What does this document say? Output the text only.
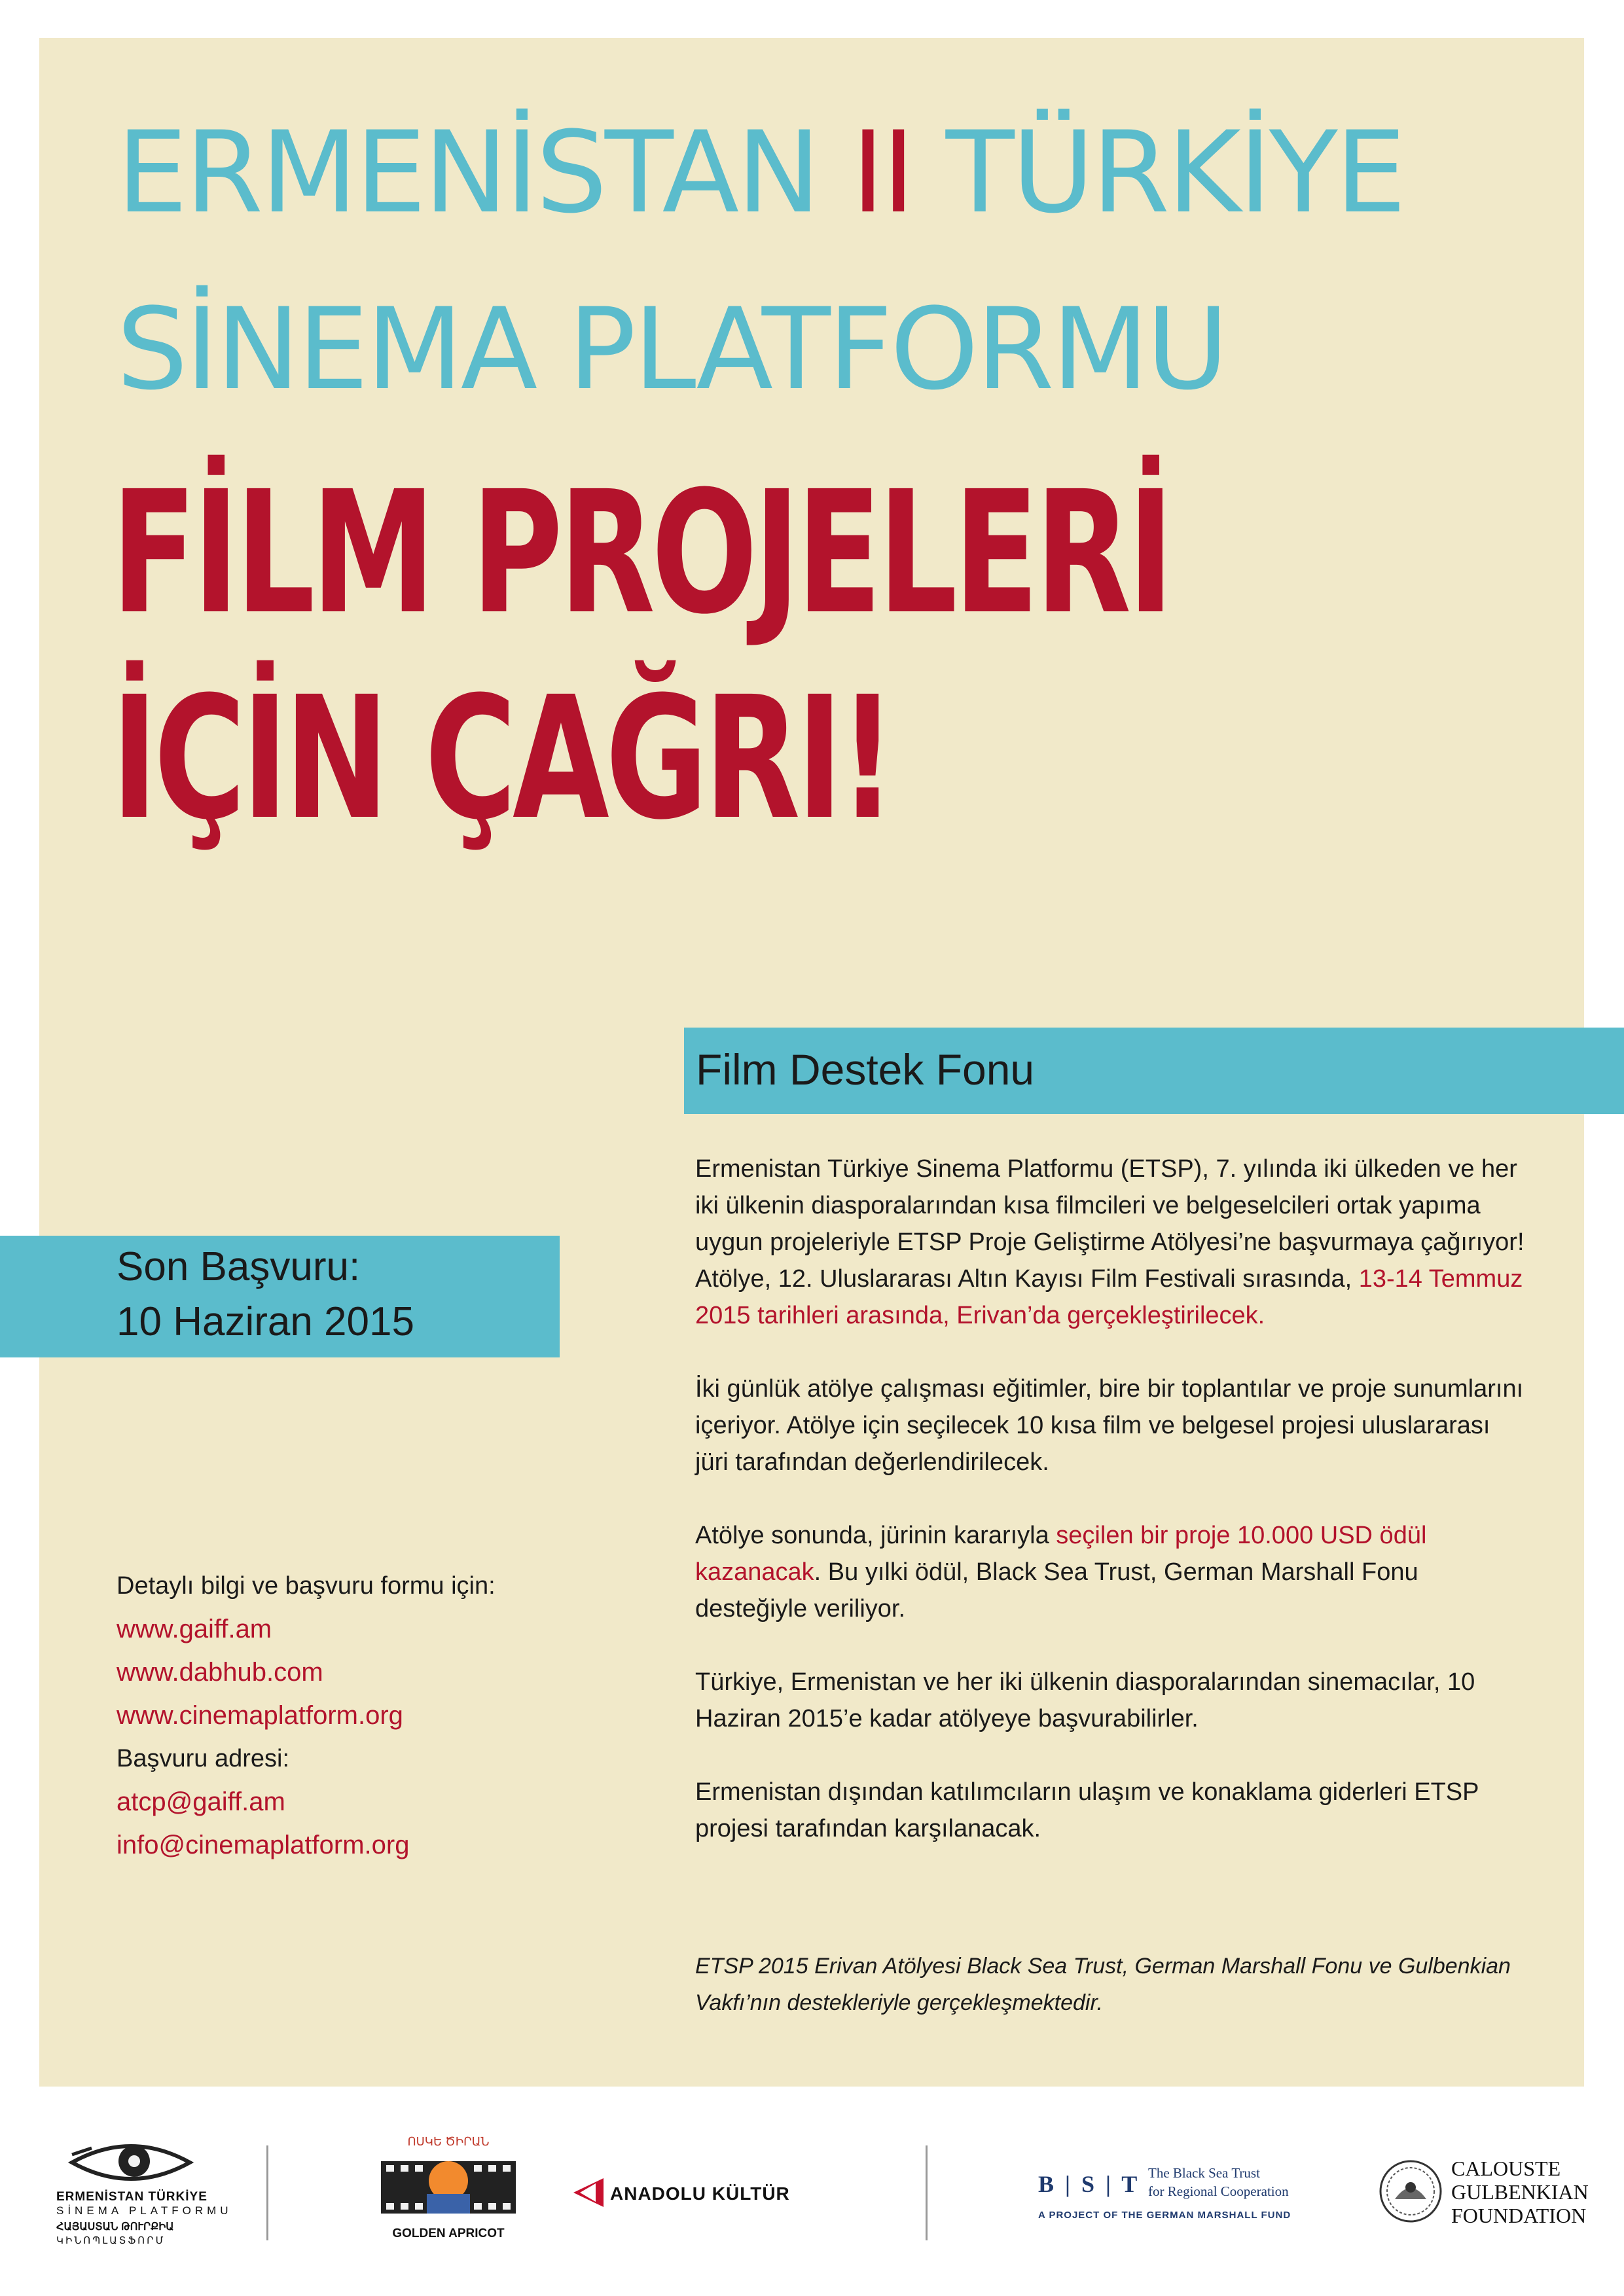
ERMENİSTAN II TÜRKİYE
SİNEMA PLATFORMU
FİLM PROJELERİ
İÇİN ÇAĞRI!
Film Destek Fonu
Son Başvuru:
10 Haziran 2015
Detaylı bilgi ve başvuru formu için:
www.gaiff.am
www.dabhub.com
www.cinemaplatform.org
Başvuru adresi:
atcp@gaiff.am
info@cinemaplatform.org

Ermenistan Türkiye Sinema Platformu (ETSP), 7. yılında iki ülkeden ve her iki ülkenin diasporalarından kısa filmcileri ve belgeselcileri ortak yapıma uygun projeleriyle ETSP Proje Geliştirme Atölyesi’ne başvurmaya çağırıyor! Atölye, 12. Uluslararası Altın Kayısı Film Festivali sırasında, 13-14 Temmuz 2015 tarihleri arasında, Erivan’da gerçekleştirilecek.

İki günlük atölye çalışması eğitimler, bire bir toplantılar ve proje sunumlarını içeriyor. Atölye için seçilecek 10 kısa film ve belgesel projesi uluslararası jüri tarafından değerlendirilecek.

Atölye sonunda, jürinin kararıyla seçilen bir proje 10.000 USD ödül kazanacak. Bu yılki ödül, Black Sea Trust, German Marshall Fonu desteğiyle veriliyor.

Türkiye, Ermenistan ve her iki ülkenin diasporalarından sinemacılar, 10 Haziran 2015’e kadar atölyeye başvurabilirler.

Ermenistan dışından katılımcıların ulaşım ve konaklama giderleri ETSP projesi tarafından karşılanacak.

ETSP 2015 Erivan Atölyesi Black Sea Trust, German Marshall Fonu ve Gulbenkian Vakfı’nın destekleriyle gerçekleşmektedir.
ERMENİSTAN TÜRKİYE
SİNEMA PLATFORMU
ՀԱՅԱՍՏԱՆ ԹՈՒՐՔԻԱ
ԿԻՆՈՊԼԱՏՖՈՐՄ
ՈՍԿԵ ԾԻՐԱՆ
GOLDEN APRICOT
ANADOLU KÜLTÜR	B | S | T The Black Sea Trust
for Regional Cooperation
A PROJECT OF THE GERMAN MARSHALL FUND
CALOUSTE
GULBENKIAN
FOUNDATION
